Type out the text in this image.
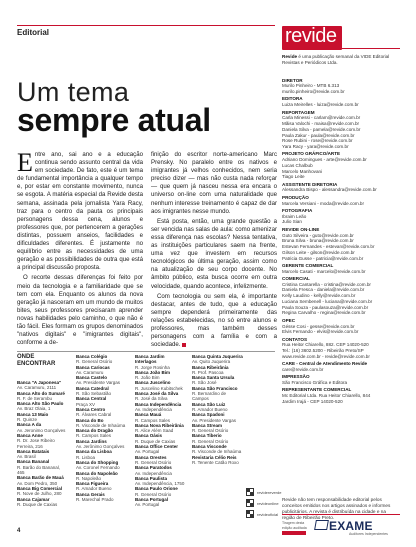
Editorial
Um tema
sempre atual

Entre ano, sai ano e a educação continua sendo assunto central da vida em sociedade. De fato, este é um tema de fundamental importância a qualquer tempo e, por estar em constante movimento, nunca se esgota. A matéria especial da Revide desta semana, assinada pela jornalista Yara Racy, traz para o centro da pauta os principais personagens dessa cena, alunos e professores que, por pertencerem a gerações distintas, possuem anseios, facilidades e dificuldades diferentes. É justamente no equilíbrio entre as necessidades de uma geração e as possibilidades de outra que está a principal discussão proposta.

O recorte dessas diferenças foi feito por meio da tecnologia e a familiaridade que se tem com ela. Enquanto os alunos da nova geração já nasceram em um mundo de muitos bites, seus professores precisaram aprender novas habilidades pelo caminho, o que não é tão fácil. Eles formam os grupos denominados "nativos digitais" e "imigrantes digitais", conforme a de-

finição do escritor norte-americano Marc Prensky. No paralelo entre os nativos e imigrantes já velhos conhecidos, nem seria preciso dizer — mas não custa nada reforçar — que quem já nasceu nessa era encara o universo on-line com uma naturalidade que nenhum interesse treinamento é capaz de dar aos imigrantes nesse mundo.

Está posta, então, uma grande questão a ser vencida nas salas de aula: como amenizar essa diferença nas escolas? Nessa tentativa, as instituições particulares saem na frente, uma vez que investem em recursos tecnológicos de última geração, assim como na atualização de seu corpo docente. No âmbito público, esta busca ocorre em outra velocidade, quando acontece, infelizmente.

Com tecnologia ou sem ela, é importante destacar, antes de tudo, que a educação sempre dependerá primeiramente das relações estabelecidas, no só entre alunos e professores, mas também desses personagens com a família e com a sociedade.

ONDE ENCONTRAR
Banca "A Japonesa"
Av. Caramuru, 2111
Banca Alto do Sumaré
R. F. de Serambu
Banca Alto São Paulo
Av. Braz Olaia, 1
Banca 13 Maio
R. Quinze
Banca A da
Av. Jeronimo Gonçalves
Banca Anne
R. Dr. Jose Ribeiro Ferreira, 216
Banca Batatais
Av. Brasil
Banca Bananal
R. Barão do Bananal, 465
Banca Barão de Mauá
Av. Dom Pedro, 350
Banca Big Comercial
R. Nove de Julho, 280
Banca Cajamar
R. Duque de Caxias
Banca Colégio
R. General Osório
Banca Cariocas
Av. Caramuru
Banca Castelo
Av. Presidente Vargas
Banca Catedral
R. São Sebastião
Banca Central
Praça XV
Banca Centro
R. Álvares Cabral
Banca do Bo
R. Visconde de Inhaúma
Banca do Dragão
R. Campos Sales
Banca Jardins
Av. Jerônimo Gonçalves
Banca da Lisboa
R. Lisboa
Banca do Shopping
Av. Coronel Fernando
Banca do Napoleão
R. Napoleão
Banca Figueira
R. Amador Bueno
Banca Gerais
R. Marechal Prado
Banca Jardim Interlagos
R. Jorge Rosinha
Banca João Bim
R. João Bim
Banca Juscelino
R. Juscelino Kubitschek
Banca José da Silva
R. José da Silva
Banca Independência
Av. Independência
Banca Mauá
R. Campos Sales
Banca Nova Ribeirânia
R. Alice Além Saad
Banca Oásis
R. Duque de Caxias
Banca Office Center
Av. Portugal
Banca Orestes
R. General Osório
Banca Paratodos
Av. Independência
Banca Paulista
Av. Independência, 1750
Banca Paulo Orione
R. General Osório
Banca Portugal
Av. Portugal
Banca Quinta Juquerira
Av. Quito Juquerira
Banca Ribeirânia
R. Prof. Pascoa
Banca Santa Ursula
R. São José
Banca São Francisco
R. Bernardino de Campos
Banca São Luiz
R. Amador Bueno
Banca Spadoni
Av. Presidente Vargas
Banca Stream
R. General Osório
Banca Tiberio
R. General Osório
Banca Visconde
R. Visconde de Inhaúma
Revistaria Célio Reis
R. Tenente Catão Roxo
revidereverde
revideonline
revideoficial
4
revide
Revide é uma publicação semanal da VIDE Editorial Revistas e Periódicos Ltda.
DIRETOR
Murilo Pinheiro - MTB 6.313
murilo.pinheiro@revide.com.br
EDITORA
Luiza Meirelles - luiza@revide.com.br
REPORTAGEM
Carla Minessi - carlam@revide.com.br
Mãisa Valochi - maisa@revide.com.br
Daniela Silva - pamela@revide.com.br
Paula Zakur - paula@revide.com.br
Rose Rubini - rose@revide.com.br
Yara Racy - yara@revide.com.br
PROJETO GRÁFICO/ARTE
Adriano Domingues - arte@revide.com.br
Lucas Chalbub
Marcelo Manhovani
Tiago Leite
ASSISTENTE DIRETORIA
Alessandra Bispo - alessandra@revide.com.br
PRODUÇÃO
Marcela Versiani - moda@revide.com.br
FOTOGRAFIA
Ibraim Leão
Julio Sian
REVIDE ON-LINE
Guto Silveira - guto@revide.com.br
Bruna Silva - bruna@revide.com.br
Estevan Fernandes - estevan@revide.com.br
Gilson Leite - gilson@revide.com.br
Patricia Gusse - patricia@revide.com.br
GERENTE COMERCIAL
Marcelo Casati - marcelo@revide.com.br
COMERCIAL
Cristina Cantarella - cristina@revide.com.br
Daniela Fresca - daniela@revide.com.br
Kelly Laudino - kelly@revide.com.br
Luciana Sembenell - luciana@revide.com.br
Paula Souza - paulasouza@revide.com.br
Regina Carvalho - regina@revide.com.br
OPEC
Gésse Cosi - gesse@revide.com.br
Elvis Fernando - elvis@revide.com.br
CONTATOS
Rua Heitor Chiarello, 882. CEP 14020-520
Tel.: (16) 3602.5200 - Ribeirão Preto/SP
www.revide.com.br - revide@revide.com.br
CARE - Central de Atendimento Revide
care@revide.com.br
IMPRESSÃO
São Francisco Gráfica e Editora
REPRESENTANTE COMERCIAL
Mc Editorial Ltda. Rua Heitor Chiarello, 844
Jardim Irajá - CEP 14020-520
Revide não tem responsabilidade editorial pelos conceitos emitidos nos artigos assinados e informes publicitários. A revista é distribuída na cidade e na região de Ribeirão Preto.
Tiragem desta edição auditada	EXAME
Auditores Independentes
